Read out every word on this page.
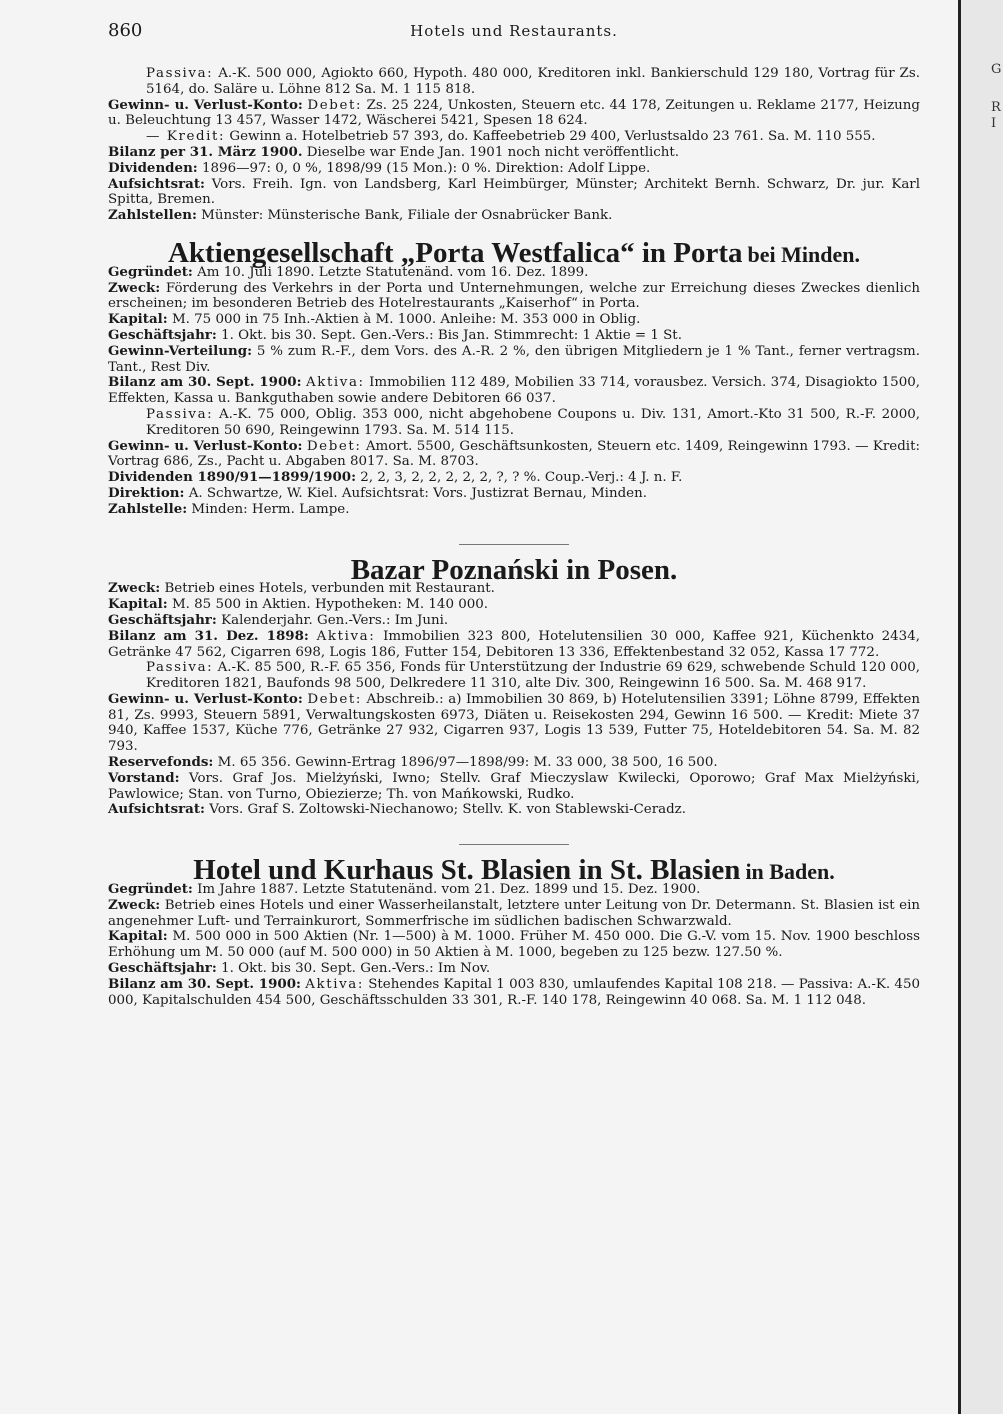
860	Hotels und Restaurants.

Passiva: A.-K. 500 000, Agiokto 660, Hypoth. 480 000, Kreditoren inkl. Bankierschuld 129 180, Vortrag für Zs. 5164, do. Saläre u. Löhne 812 Sa. M. 1 115 818.

Gewinn- u. Verlust-Konto: Debet: Zs. 25 224, Unkosten, Steuern etc. 44 178, Zeitungen u. Reklame 2177, Heizung u. Beleuchtung 13 457, Wasser 1472, Wäscherei 5421, Spesen 18 624.

— Kredit: Gewinn a. Hotelbetrieb 57 393, do. Kaffeebetrieb 29 400, Verlustsaldo 23 761. Sa. M. 110 555.

Bilanz per 31. März 1900. Dieselbe war Ende Jan. 1901 noch nicht veröffentlicht.

Dividenden: 1896—97: 0, 0 %, 1898/99 (15 Mon.): 0 %. Direktion: Adolf Lippe.

Aufsichtsrat: Vors. Freih. Ign. von Landsberg, Karl Heimbürger, Münster; Architekt Bernh. Schwarz, Dr. jur. Karl Spitta, Bremen.

Zahlstellen: Münster: Münsterische Bank, Filiale der Osnabrücker Bank.

Aktiengesellschaft „Porta Westfalica“ in Porta bei Minden.

Gegründet: Am 10. Juli 1890. Letzte Statutenänd. vom 16. Dez. 1899.

Zweck: Förderung des Verkehrs in der Porta und Unternehmungen, welche zur Erreichung dieses Zweckes dienlich erscheinen; im besonderen Betrieb des Hotelrestaurants „Kaiserhof“ in Porta.

Kapital: M. 75 000 in 75 Inh.-Aktien à M. 1000. Anleihe: M. 353 000 in Oblig.

Geschäftsjahr: 1. Okt. bis 30. Sept. Gen.-Vers.: Bis Jan. Stimmrecht: 1 Aktie = 1 St.

Gewinn-Verteilung: 5 % zum R.-F., dem Vors. des A.-R. 2 %, den übrigen Mitgliedern je 1 % Tant., ferner vertragsm. Tant., Rest Div.

Bilanz am 30. Sept. 1900: Aktiva: Immobilien 112 489, Mobilien 33 714, vorausbez. Versich. 374, Disagiokto 1500, Effekten, Kassa u. Bankguthaben sowie andere Debitoren 66 037.

Passiva: A.-K. 75 000, Oblig. 353 000, nicht abgehobene Coupons u. Div. 131, Amort.-Kto 31 500, R.-F. 2000, Kreditoren 50 690, Reingewinn 1793. Sa. M. 514 115.

Gewinn- u. Verlust-Konto: Debet: Amort. 5500, Geschäftsunkosten, Steuern etc. 1409, Reingewinn 1793. — Kredit: Vortrag 686, Zs., Pacht u. Abgaben 8017. Sa. M. 8703.

Dividenden 1890/91—1899/1900: 2, 2, 3, 2, 2, 2, 2, 2, ?, ? %. Coup.-Verj.: 4 J. n. F.

Direktion: A. Schwartze, W. Kiel. Aufsichtsrat: Vors. Justizrat Bernau, Minden.

Zahlstelle: Minden: Herm. Lampe.

Bazar Poznański in Posen.

Zweck: Betrieb eines Hotels, verbunden mit Restaurant.

Kapital: M. 85 500 in Aktien. Hypotheken: M. 140 000.

Geschäftsjahr: Kalenderjahr. Gen.-Vers.: Im Juni.

Bilanz am 31. Dez. 1898: Aktiva: Immobilien 323 800, Hotelutensilien 30 000, Kaffee 921, Küchenkto 2434, Getränke 47 562, Cigarren 698, Logis 186, Futter 154, Debitoren 13 336, Effektenbestand 32 052, Kassa 17 772.

Passiva: A.-K. 85 500, R.-F. 65 356, Fonds für Unterstützung der Industrie 69 629, schwebende Schuld 120 000, Kreditoren 1821, Baufonds 98 500, Delkredere 11 310, alte Div. 300, Reingewinn 16 500. Sa. M. 468 917.

Gewinn- u. Verlust-Konto: Debet: Abschreib.: a) Immobilien 30 869, b) Hotelutensilien 3391; Löhne 8799, Effekten 81, Zs. 9993, Steuern 5891, Verwaltungskosten 6973, Diäten u. Reisekosten 294, Gewinn 16 500. — Kredit: Miete 37 940, Kaffee 1537, Küche 776, Getränke 27 932, Cigarren 937, Logis 13 539, Futter 75, Hoteldebitoren 54. Sa. M. 82 793.

Reservefonds: M. 65 356. Gewinn-Ertrag 1896/97—1898/99: M. 33 000, 38 500, 16 500.

Vorstand: Vors. Graf Jos. Mielżyński, Iwno; Stellv. Graf Mieczyslaw Kwilecki, Oporowo; Graf Max Mielżyński, Pawlowice; Stan. von Turno, Obiezierze; Th. von Mańkowski, Rudko.

Aufsichtsrat: Vors. Graf S. Zoltowski-Niechanowo; Stellv. K. von Stablewski-Ceradz.

Hotel und Kurhaus St. Blasien in St. Blasien in Baden.

Gegründet: Im Jahre 1887. Letzte Statutenänd. vom 21. Dez. 1899 und 15. Dez. 1900.

Zweck: Betrieb eines Hotels und einer Wasserheilanstalt, letztere unter Leitung von Dr. Determann. St. Blasien ist ein angenehmer Luft- und Terrainkurort, Sommerfrische im südlichen badischen Schwarzwald.

Kapital: M. 500 000 in 500 Aktien (Nr. 1—500) à M. 1000. Früher M. 450 000. Die G.-V. vom 15. Nov. 1900 beschloss Erhöhung um M. 50 000 (auf M. 500 000) in 50 Aktien à M. 1000, begeben zu 125 bezw. 127.50 %.

Geschäftsjahr: 1. Okt. bis 30. Sept. Gen.-Vers.: Im Nov.

Bilanz am 30. Sept. 1900: Aktiva: Stehendes Kapital 1 003 830, umlaufendes Kapital 108 218. — Passiva: A.-K. 450 000, Kapitalschulden 454 500, Geschäftsschulden 33 301, R.-F. 140 178, Reingewinn 40 068. Sa. M. 1 112 048.

G
R
I
